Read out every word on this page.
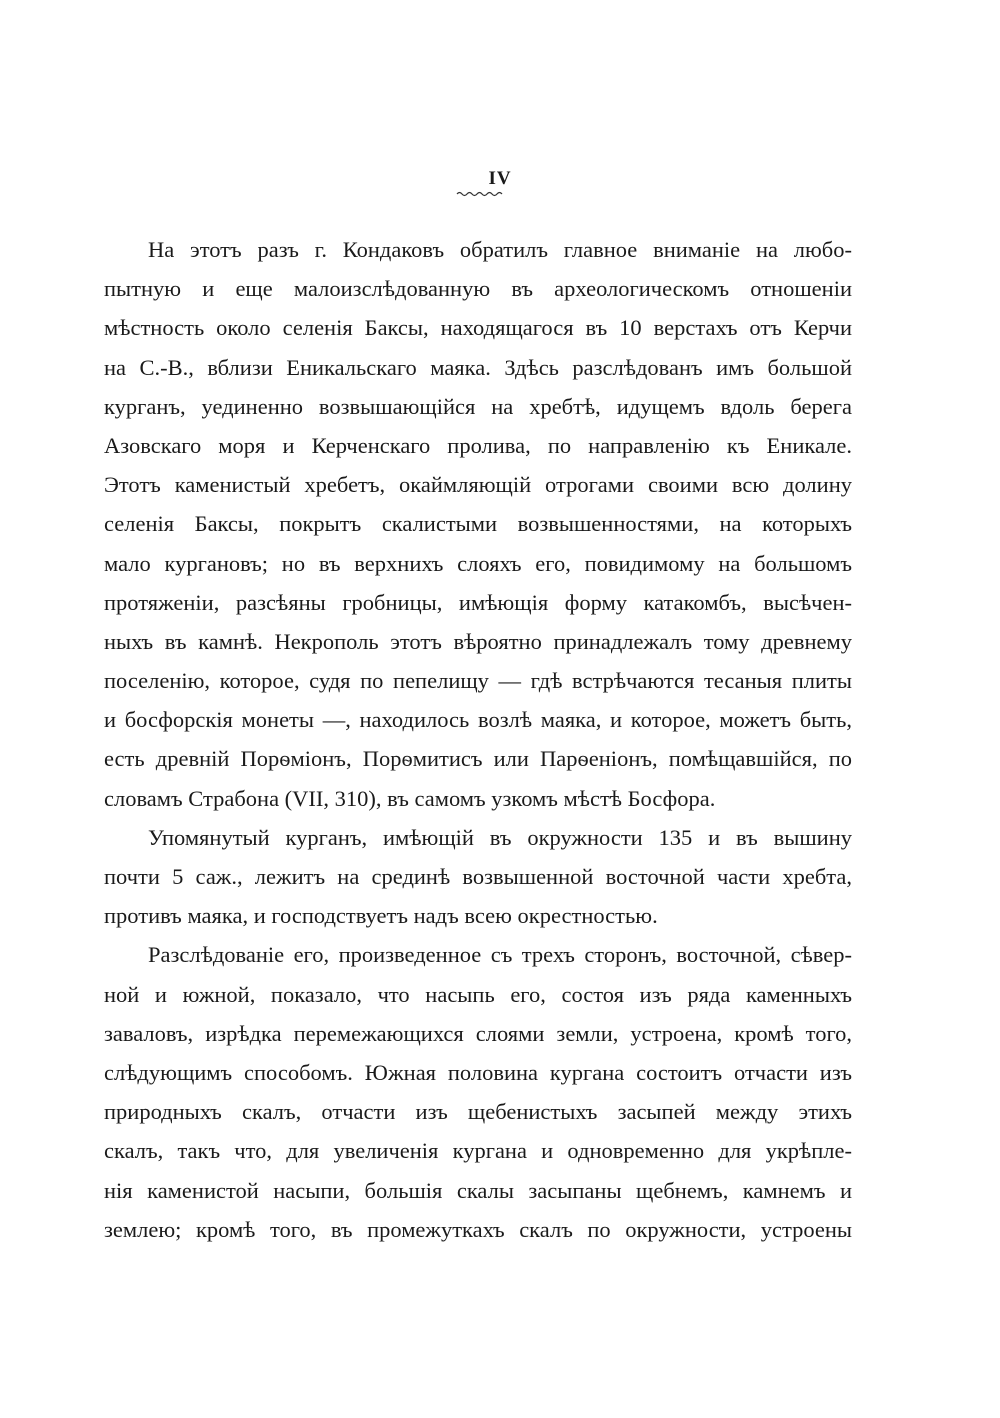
IV
На этотъ разъ г. Кондаковъ обратилъ главное вниманіе на любо-
пытную и еще малоизслѣдованную въ археологическомъ отношеніи
мѣстность около селенія Баксы, находящагося въ 10 верстахъ отъ Керчи
на С.-В., вблизи Еникальскаго маяка. Здѣсь разслѣдованъ имъ большой
курганъ, уединенно возвышающійся на хребтѣ, идущемъ вдоль берега
Азовскаго моря и Керченскаго пролива, по направленію къ Еникале.
Этотъ каменистый хребетъ, окаймляющій отрогами своими всю долину
селенія Баксы, покрытъ скалистыми возвышенностями, на которыхъ
мало кургановъ; но въ верхнихъ слояхъ его, повидимому на большомъ
протяженіи, разсѣяны гробницы, имѣющія форму катакомбъ, высѣчен-
ныхъ въ камнѣ. Некрополь этотъ вѣроятно принадлежалъ тому древнему
поселенію, которое, судя по пепелищу — гдѣ встрѣчаются тесаныя плиты
и босфорскія монеты —, находилось возлѣ маяка, и которое, можетъ быть,
есть древній Порѳміонъ, Порѳмитисъ или Парѳеніонъ, помѣщавшійся, по
словамъ Страбона (VII, 310), въ самомъ узкомъ мѣстѣ Босфора.
Упомянутый курганъ, имѣющій въ окружности 135 и въ вышину
почти 5 саж., лежитъ на срединѣ возвышенной восточной части хребта,
противъ маяка, и господствуетъ надъ всею окрестностью.
Разслѣдованіе его, произведенное съ трехъ сторонъ, восточной, сѣвер-
ной и южной, показало, что насыпь его, состоя изъ ряда каменныхъ
заваловъ, изрѣдка перемежающихся слоями земли, устроена, кромѣ того,
слѣдующимъ способомъ. Южная половина кургана состоитъ отчасти изъ
природныхъ скалъ, отчасти изъ щебенистыхъ засыпей между этихъ
скалъ, такъ что, для увеличенія кургана и одновременно для укрѣпле-
нія каменистой насыпи, большія скалы засыпаны щебнемъ, камнемъ и
землею; кромѣ того, въ промежуткахъ скалъ по окружности, устроены
